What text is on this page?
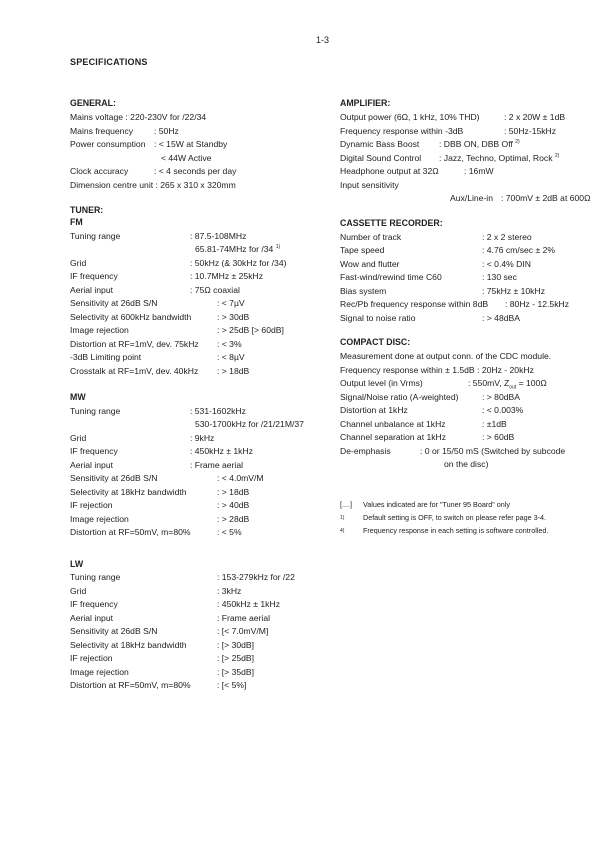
1-3
SPECIFICATIONS
GENERAL:
Mains voltage : 220-230V for /22/34
Mains frequency : 50Hz
Power consumption : < 15W at Standby
< 44W Active
Clock accuracy	: < 4 seconds per day
Dimension centre unit : 265 x 310 x 320mm
TUNER:
FM
Tuning range	: 87.5-108MHz
65.81-74MHz for /34 $^{1)}$
Grid	: 50kHz (& 30kHz for /34)
IF frequency	: 10.7MHz ± 25kHz
Aerial input	: 75Ω coaxial
Sensitivity at 26dB S/N	: < 7µV
Selectivity at 600kHz bandwidth	: > 30dB
Image rejection	: > 25dB [> 60dB]
Distortion at RF=1mV, dev. 75kHz : < 3%
-3dB Limiting point	: < 8µV
Crosstalk at RF=1mV, dev. 40kHz : > 18dB
MW
Tuning range	: 531-1602kHz
530-1700kHz for /21/21M/37
Grid	: 9kHz
IF frequency	: 450kHz ± 1kHz
Aerial input	: Frame aerial
Sensitivity at 26dB S/N	: < 4.0mV/M
Selectivity at 18kHz bandwidth	: > 18dB
IF rejection	: > 40dB
Image rejection	: > 28dB
Distortion at RF=50mV, m=80%	: < 5%
LW
Tuning range	: 153-279kHz for /22
Grid	: 3kHz
IF frequency	: 450kHz ± 1kHz
Aerial input	: Frame aerial
Sensitivity at 26dB S/N	: [< 7.0mV/M]
Selectivity at 18kHz bandwidth	: [> 30dB]
IF rejection	: [> 25dB]
Image rejection	: [> 35dB]
Distortion at RF=50mV, m=80%	: [< 5%]
AMPLIFIER:
Output power (6Ω, 1 kHz, 10% THD)	: 2 x 20W ± 1dB
Frequency response within -3dB	: 50Hz-15kHz
Dynamic Bass Boost : DBB ON, DBB Off $^{2)}$
Digital Sound Control : Jazz, Techno, Optimal, Rock $^{2)}$
Headphone output at 32Ω	: 16mW
Input sensitivity
Aux/Line-in : 700mV ± 2dB at 600Ω
CASSETTE RECORDER:
Number of track	: 2 x 2 stereo
Tape speed	: 4.76 cm/sec ± 2%
Wow and flutter	: < 0.4% DIN
Fast-wind/rewind time C60	: 130 sec
Bias system	: 75kHz ± 10kHz
Rec/Pb frequency response within 8dB : 80Hz - 12.5kHz
Signal to noise ratio	: > 48dBA
COMPACT DISC:
Measurement done at output conn. of the CDC module.
Frequency response within ± 1.5dB : 20Hz - 20kHz
Output level (in Vrms)	: 550mV, $Z_{out} = 100\Omega$
Signal/Noise ratio (A-weighted)	: > 80dBA
Distortion at 1kHz	: < 0.003%
Channel unbalance at 1kHz	: ±1dB
Channel separation at 1kHz	: > 60dB
De-emphasis	: 0 or 15/50 mS (Switched by subcode
on the disc)
[....] Values indicated are for "Tuner 95 Board" only
1)	Default setting is OFF, to switch on please refer page 3-4.
4)	Frequency response in each setting is software controlled.
